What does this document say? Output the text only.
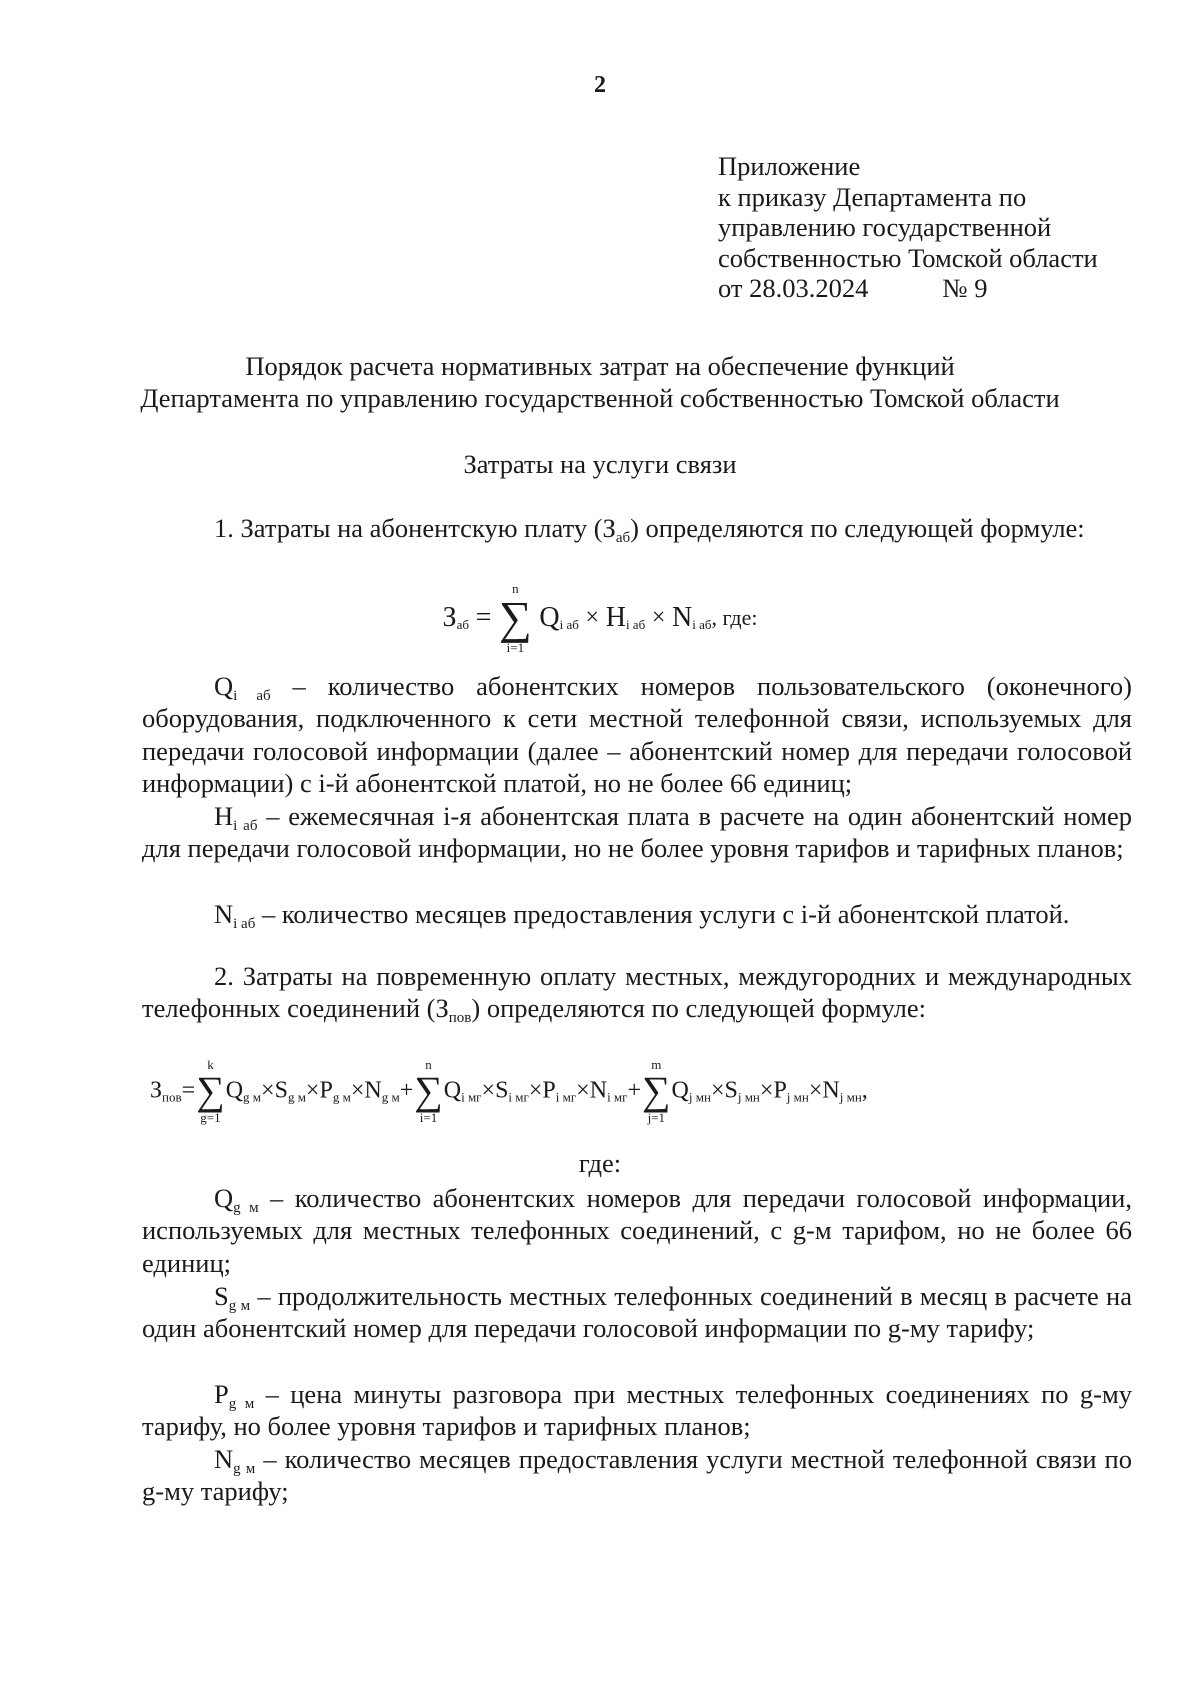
2
Приложение
к приказу Департамента по
управлению государственной
собственностью Томской области
от 28.03.2024	№ 9
Порядок расчета нормативных затрат на обеспечение функций
Департамента по управлению государственной собственностью Томской области
Затраты на услуги связи
1. Затраты на абонентскую плату $(З_{аб})$ определяются по следующей формуле:
Заб =
n
∑
i=1
Qi аб × Hi аб × Ni аб, где:
$Q_{i аб}$ – количество абонентских номеров пользовательского (оконечного) оборудования, подключенного к сети местной телефонной связи, используемых для передачи голосовой информации (далее – абонентский номер для передачи голосовой информации) с i-й абонентской платой, но не более 66 единиц;
$H_{i аб}$ – ежемесячная i-я абонентская плата в расчете на один абонентский номер для передачи голосовой информации, но не более уровня тарифов и тарифных планов;
$N_{i аб}$ – количество месяцев предоставления услуги с i-й абонентской платой.
2. Затраты на повременную оплату местных, междугородних и международных телефонных соединений $(З_{пов})$ определяются по следующей формуле:
$З_{пов}=$
k
∑
g=1
$Q_{g м}\times S_{g м}\times P_{g м}\times N_{g м}+$
n
∑
i=1
$Q_{i мг}\times S_{i мг}\times P_{i мг}\times N_{i мг}+$
m
∑
j=1
$Q_{j мн}\times S_{j мн}\times P_{j мн}\times N_{j мн}$,
где:
$Q_{g м}$ – количество абонентских номеров для передачи голосовой информации, используемых для местных телефонных соединений, с g-м тарифом, но не более 66 единиц;
$S_{g м}$ – продолжительность местных телефонных соединений в месяц в расчете на один абонентский номер для передачи голосовой информации по g-му тарифу;
$P_{g м}$ – цена минуты разговора при местных телефонных соединениях по g-му тарифу, но более уровня тарифов и тарифных планов;
$N_{g м}$ – количество месяцев предоставления услуги местной телефонной связи по g-му тарифу;
